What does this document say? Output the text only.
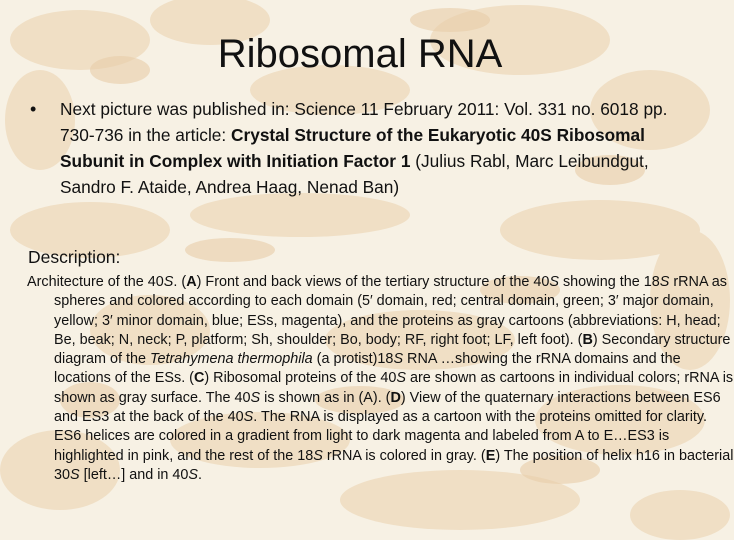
Ribosomal RNA
• Next picture was published in: Science 11 February 2011: Vol. 331 no. 6018 pp. 730-736 in the article: Crystal Structure of the Eukaryotic 40S Ribosomal Subunit in Complex with Initiation Factor 1 (Julius Rabl, Marc Leibundgut, Sandro F. Ataide, Andrea Haag, Nenad Ban)
Description:
Architecture of the 40S. (A) Front and back views of the tertiary structure of the 40S showing the 18S rRNA as spheres and colored according to each domain (5′ domain, red; central domain, green; 3′ major domain, yellow; 3′ minor domain, blue; ESs, magenta), and the proteins as gray cartoons (abbreviations: H, head; Be, beak; N, neck; P, platform; Sh, shoulder; Bo, body; RF, right foot; LF, left foot). (B) Secondary structure diagram of the Tetrahymena thermophila (a protist)18S RNA …showing the rRNA domains and the locations of the ESs. (C) Ribosomal proteins of the 40S are shown as cartoons in individual colors; rRNA is shown as gray surface. The 40S is shown as in (A). (D) View of the quaternary interactions between ES6 and ES3 at the back of the 40S. The RNA is displayed as a cartoon with the proteins omitted for clarity. ES6 helices are colored in a gradient from light to dark magenta and labeled from A to E…ES3 is highlighted in pink, and the rest of the 18S rRNA is colored in gray. (E) The position of helix h16 in bacterial 30S [left…] and in 40S.
